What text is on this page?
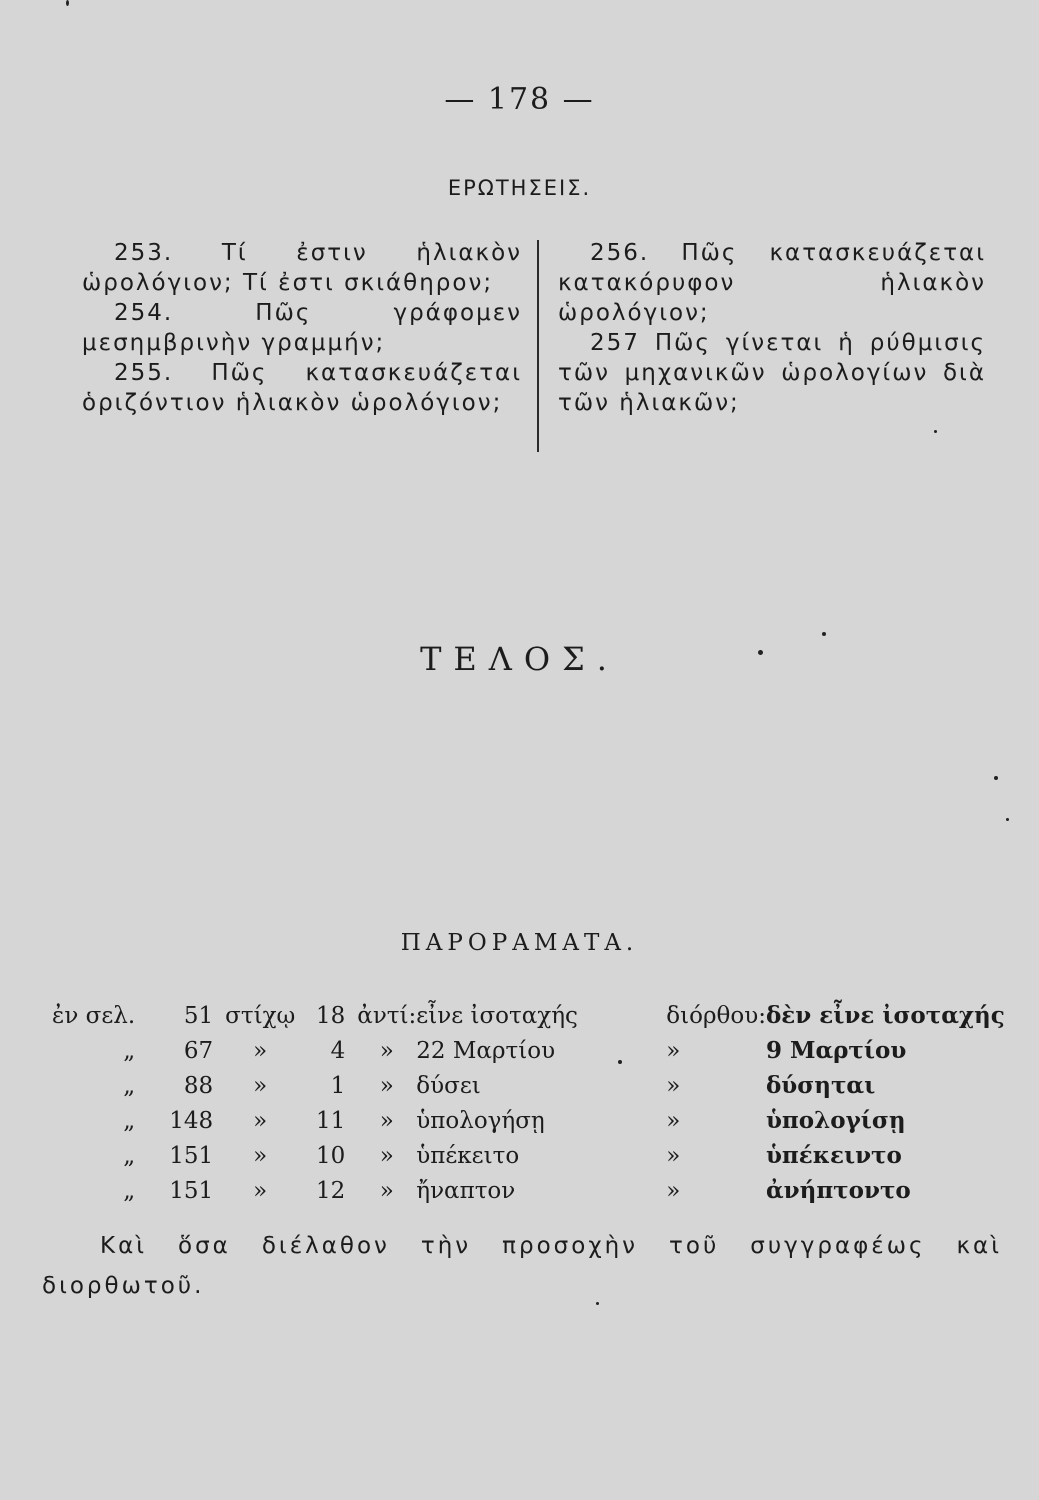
— 178 —
ΕΡΩΤΗΣΕΙΣ.

253. Τί ἐστιν ἡλιακὸν ὡρολόγιον; Τί ἐστι σκιάθηρον;

254. Πῶς γράφομεν μεσημβρινὴν γραμμήν;

255. Πῶς κατασκευάζεται ὁριζόντιον ἡλιακὸν ὡρολόγιον;

256. Πῶς κατασκευάζεται κατακόρυφον ἡλιακὸν ὡρολόγιον;

257 Πῶς γίνεται ἡ ρύθμισις τῶν μηχανικῶν ὡρολογίων διὰ τῶν ἡλιακῶν;

ΤΕΛΟΣ.
ΠΑΡΟΡΑΜΑΤΑ.
ἐν σελ.	51	στίχῳ	18	ἀντί:	εἶνε ἰσοταχής	διόρθου:	δὲν εἶνε ἰσοταχής
„	67	»	4	»	22 Μαρτίου	»	9 Μαρτίου
„	88	»	1	»	δύσει	»	δύσηται
„	148	»	11	»	ὑπολογήσῃ	»	ὑπολογίσῃ
„	151	»	10	»	ὑπέκειτο	»	ὑπέκειντο
„	151	»	12	»	ἤναπτον	»	ἀνήπτοντο

Καὶ ὅσα διέλαθον τὴν προσοχὴν τοῦ συγγραφέως καὶ διορθωτοῦ.
